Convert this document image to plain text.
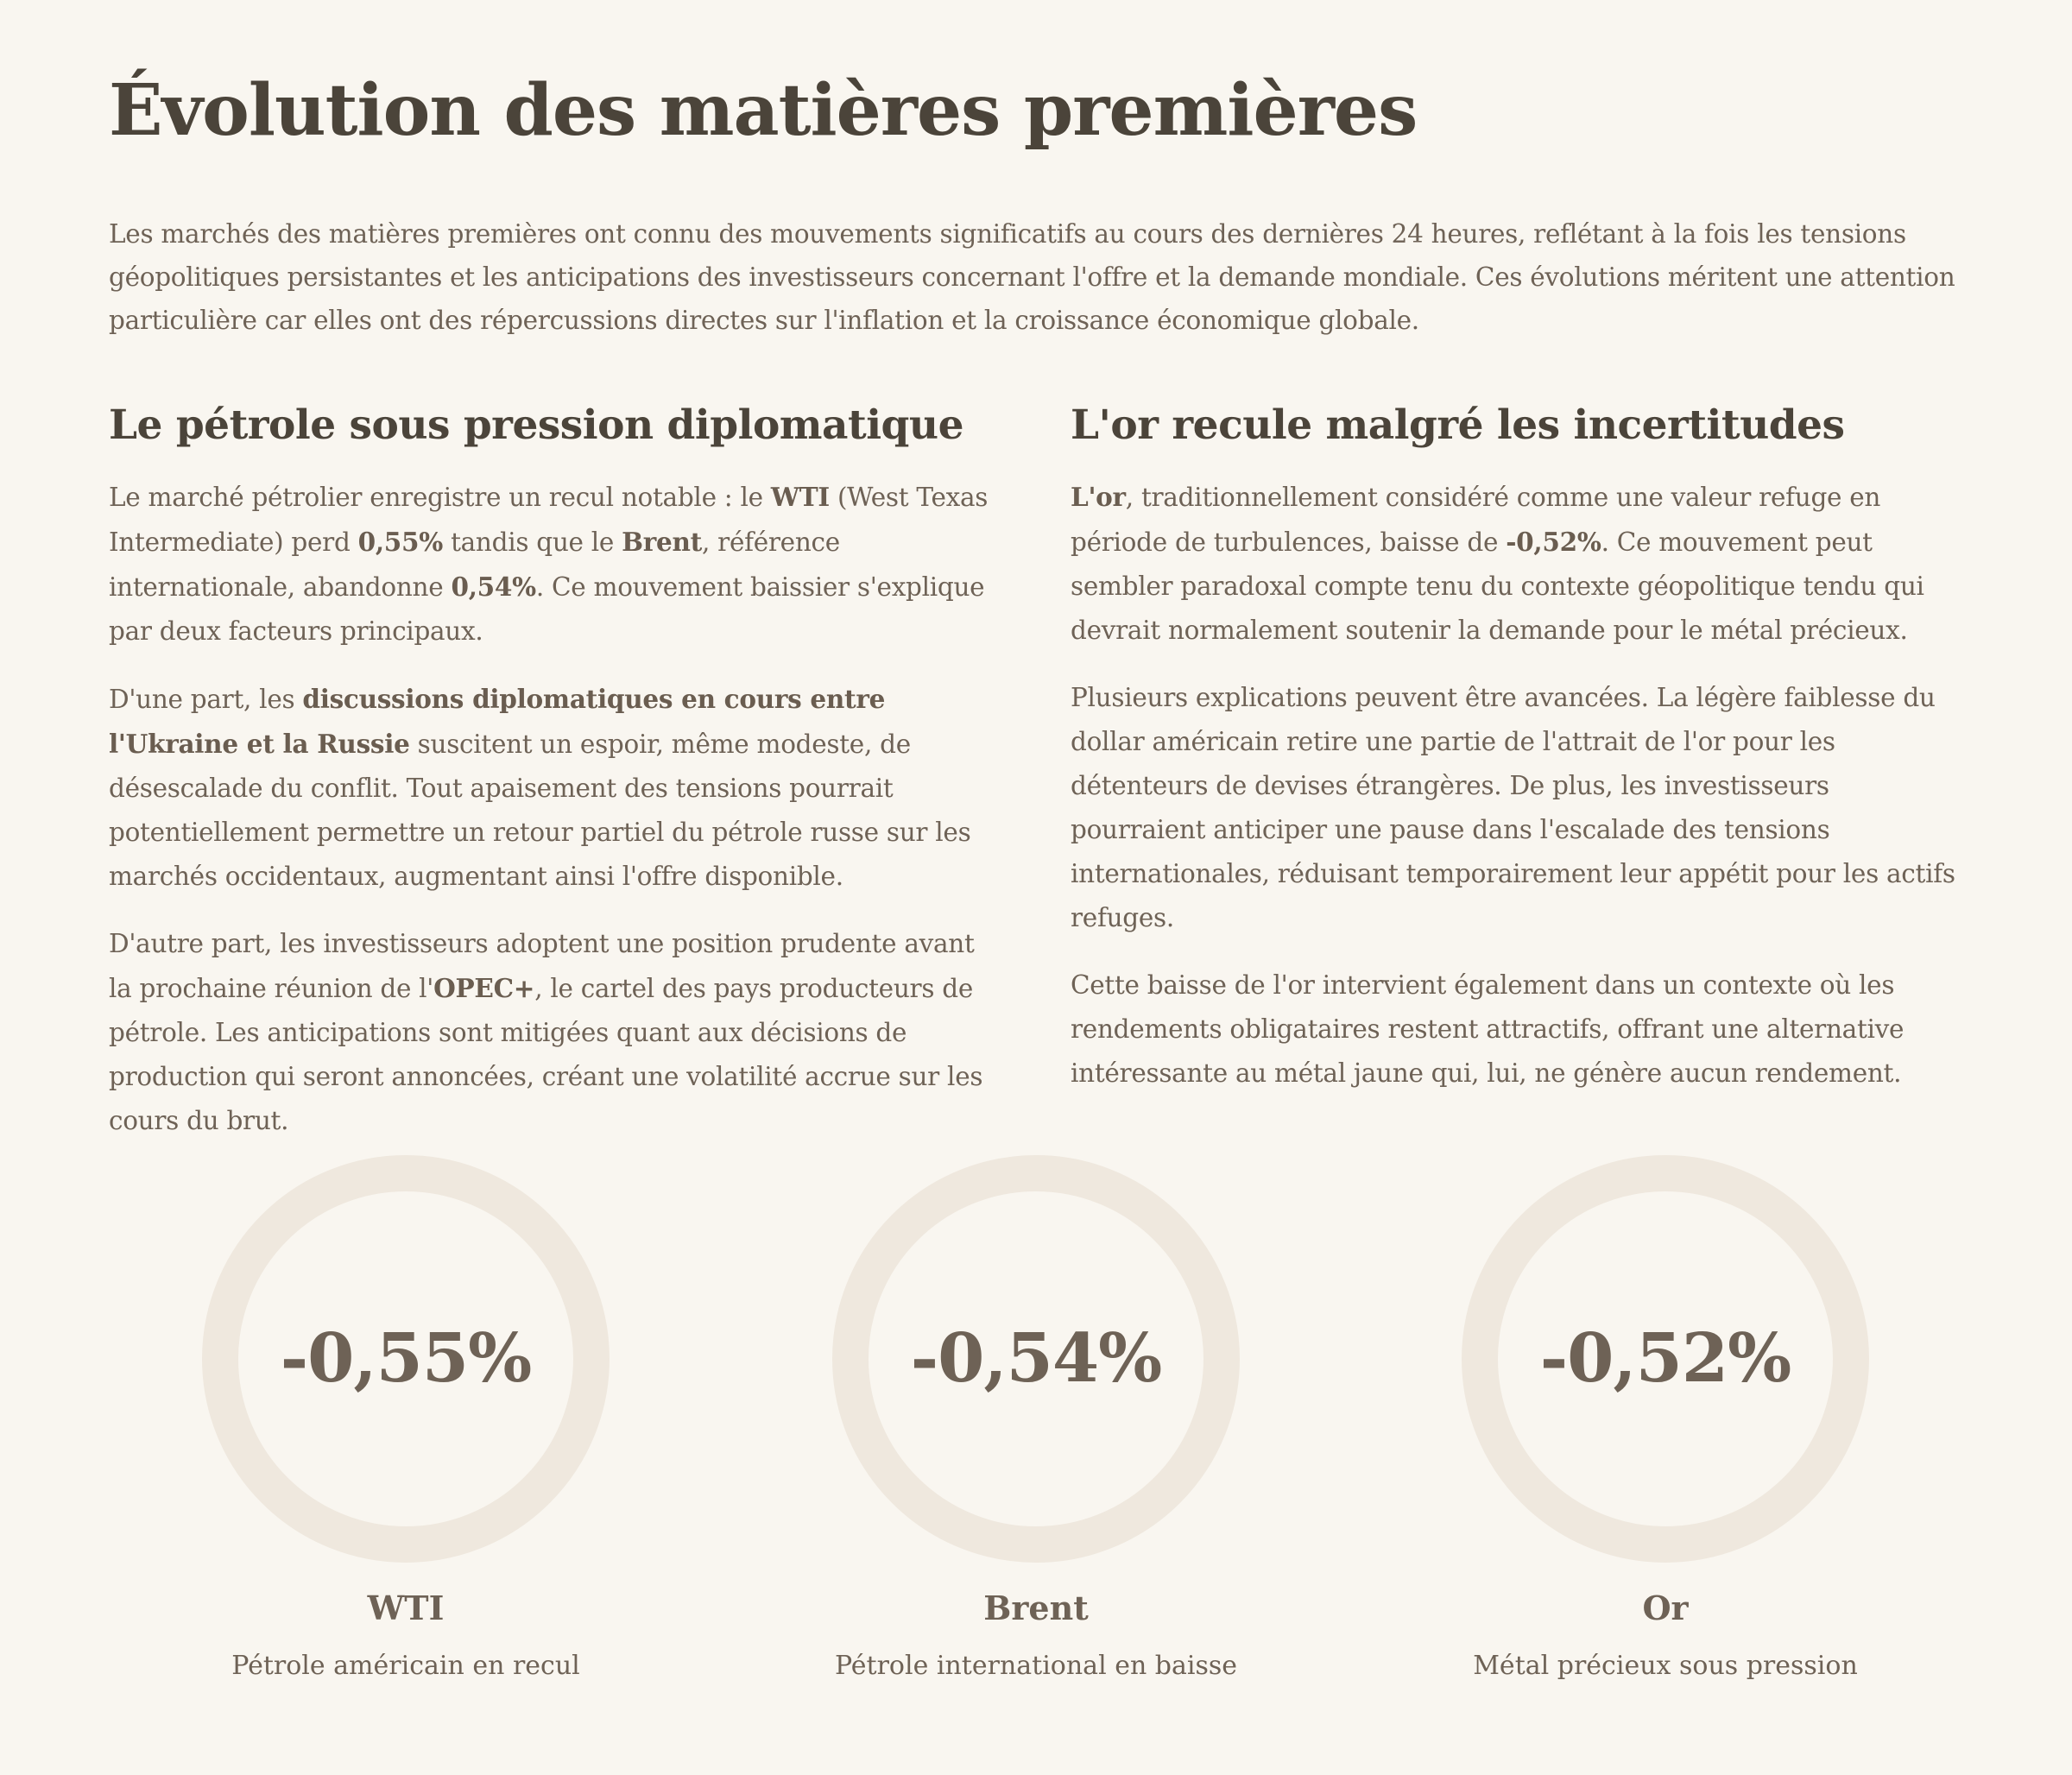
Évolution des matières premières

Les marchés des matières premières ont connu des mouvements significatifs au cours des dernières 24 heures, reflétant à la fois les tensions géopolitiques persistantes et les anticipations des investisseurs concernant l'offre et la demande mondiale. Ces évolutions méritent une attention particulière car elles ont des répercussions directes sur l'inflation et la croissance économique globale.

Le pétrole sous pression diplomatique

Le marché pétrolier enregistre un recul notable : le WTI (West Texas Intermediate) perd 0,55% tandis que le Brent, référence internationale, abandonne 0,54%. Ce mouvement baissier s'explique par deux facteurs principaux.

D'une part, les discussions diplomatiques en cours entre l'Ukraine et la Russie suscitent un espoir, même modeste, de désescalade du conflit. Tout apaisement des tensions pourrait potentiellement permettre un retour partiel du pétrole russe sur les marchés occidentaux, augmentant ainsi l'offre disponible.

D'autre part, les investisseurs adoptent une position prudente avant la prochaine réunion de l'OPEC+, le cartel des pays producteurs de pétrole. Les anticipations sont mitigées quant aux décisions de production qui seront annoncées, créant une volatilité accrue sur les cours du brut.

L'or recule malgré les incertitudes

L'or, traditionnellement considéré comme une valeur refuge en période de turbulences, baisse de -0,52%. Ce mouvement peut sembler paradoxal compte tenu du contexte géopolitique tendu qui devrait normalement soutenir la demande pour le métal précieux.

Plusieurs explications peuvent être avancées. La légère faiblesse du dollar américain retire une partie de l'attrait de l'or pour les détenteurs de devises étrangères. De plus, les investisseurs pourraient anticiper une pause dans l'escalade des tensions internationales, réduisant temporairement leur appétit pour les actifs refuges.

Cette baisse de l'or intervient également dans un contexte où les rendements obligataires restent attractifs, offrant une alternative intéressante au métal jaune qui, lui, ne génère aucun rendement.

-0,55%
WTI
Pétrole américain en recul
-0,54%
Brent
Pétrole international en baisse
-0,52%
Or
Métal précieux sous pression
